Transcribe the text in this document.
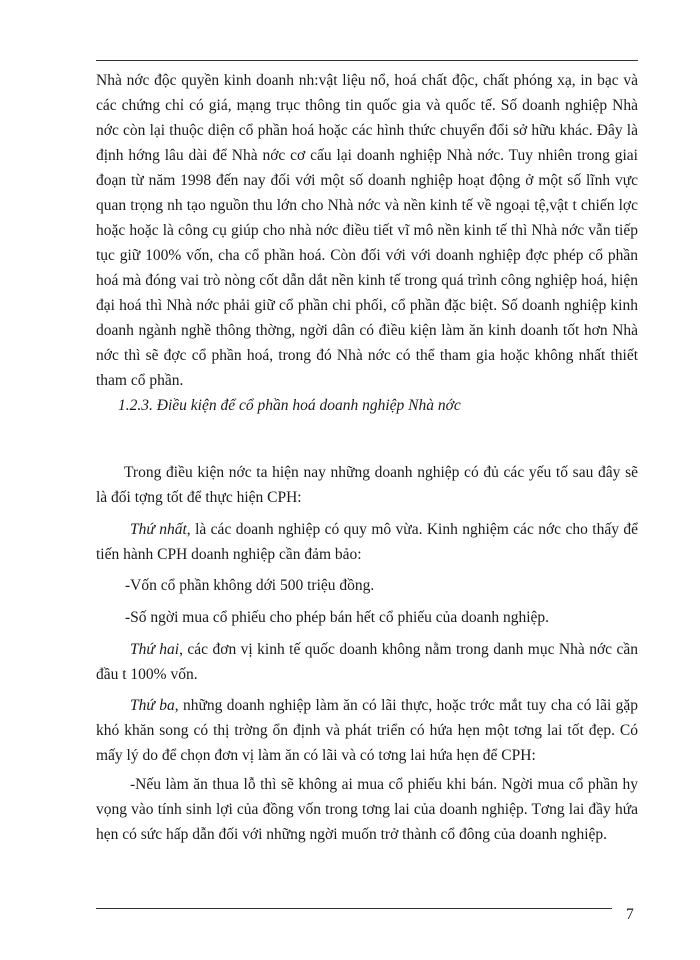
Nhà nớc độc quyền kinh doanh nh:vật liệu nổ, hoá chất độc, chất phóng xạ, in bạc và các chứng chỉ có giá, mạng trục thông tin quốc gia và quốc tế. Số doanh nghiệp Nhà nớc còn lại thuộc diện cổ phần hoá hoặc các hình thức chuyển đổi sở hữu khác. Đây là định hớng lâu dài để Nhà nớc cơ cấu lại doanh nghiệp Nhà nớc. Tuy nhiên trong giai đoạn từ năm 1998 đến nay đối với một số doanh nghiệp hoạt động ở một số lĩnh vực quan trọng nh tạo nguồn thu lớn cho Nhà nớc và nền kinh tế về ngoại tệ,vật t chiến lợc hoặc hoặc là công cụ giúp cho nhà nớc điều tiết vĩ mô nền kinh tế thì Nhà nớc vẫn tiếp tục giữ 100% vốn, cha cổ phần hoá. Còn đối với với doanh nghiệp đợc phép cổ phần hoá mà đóng vai trò nòng cốt dẫn dắt nền kinh tế trong quá trình công nghiệp hoá, hiện đại hoá thì Nhà nớc phải giữ cổ phần chi phối, cổ phần đặc biệt. Số doanh nghiệp kinh doanh ngành nghề thông thờng, ngời dân có điều kiện làm ăn kinh doanh tốt hơn Nhà nớc thì sẽ đợc cổ phần hoá, trong đó Nhà nớc có thể tham gia hoặc không nhất thiết tham cổ phần.

1.2.3. Điều kiện để cổ phần hoá doanh nghiệp Nhà nớc

Trong điều kiện nớc ta hiện nay những doanh nghiệp có đủ các yếu tố sau đây sẽ là đối tợng tốt để thực hiện CPH:

Thứ nhất, là các doanh nghiệp có quy mô vừa. Kinh nghiệm các nớc cho thấy để tiến hành CPH doanh nghiệp cần đảm bảo:

-Vốn cổ phần không dới 500 triệu đồng.

-Số ngời mua cổ phiếu cho phép bán hết cổ phiếu của doanh nghiệp.

Thứ hai, các đơn vị kinh tế quốc doanh không nằm trong danh mục Nhà nớc cần đầu t 100% vốn.

Thứ ba, những doanh nghiệp làm ăn có lãi thực, hoặc trớc mắt tuy cha có lãi gặp khó khăn song có thị trờng ổn định và phát triển có hứa hẹn một tơng lai tốt đẹp. Có mấy lý do để chọn đơn vị làm ăn có lãi và có tơng lai hứa hẹn để CPH:

-Nếu làm ăn thua lỗ thì sẽ không ai mua cổ phiếu khi bán. Ngời mua cổ phần hy vọng vào tính sinh lợi của đồng vốn trong tơng lai của doanh nghiệp. Tơng lai đầy hứa hẹn có sức hấp dẫn đối với những ngời muốn trở thành cổ đông của doanh nghiệp.

7
